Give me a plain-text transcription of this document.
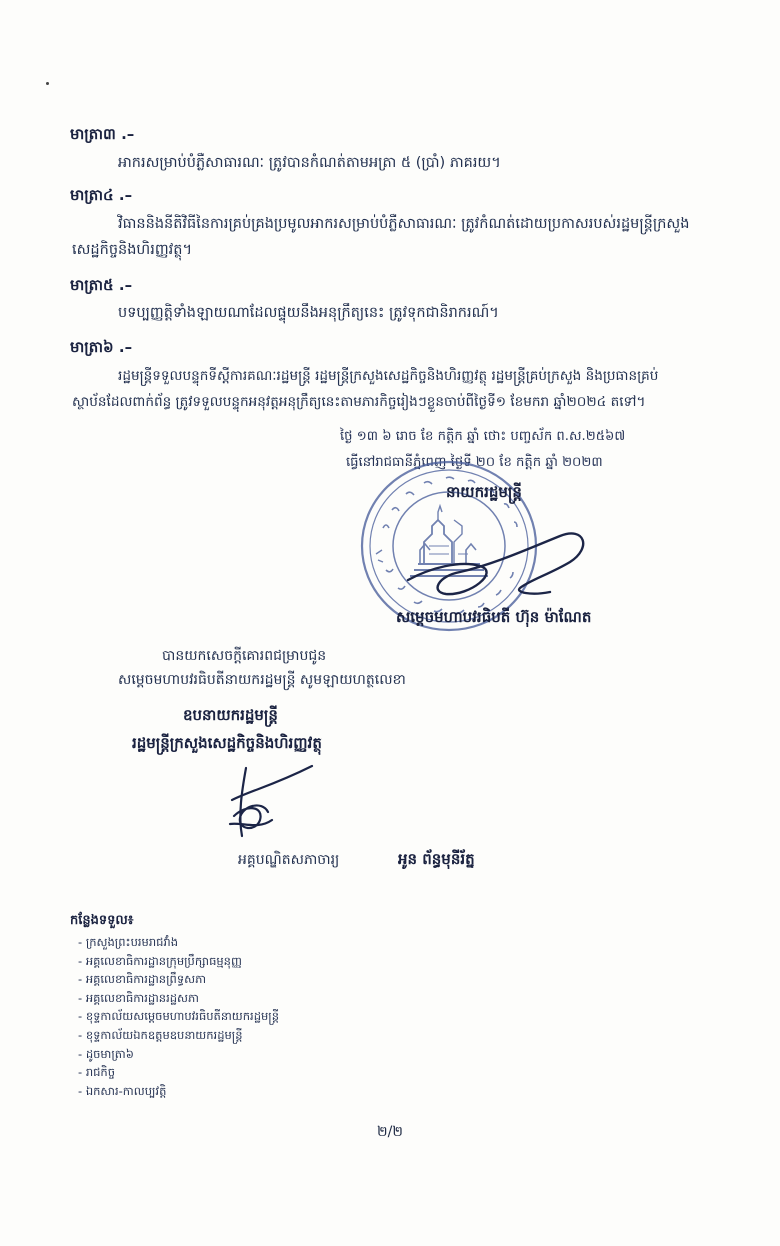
មាត្រា៣ .–
អាករសម្រាប់បំភ្លឺសាធារណៈ ត្រូវបានកំណត់តាមអត្រា ៥ (ប្រាំ) ភាគរយ។
មាត្រា៤ .–
វិធាននិងនីតិវិធីនៃការគ្រប់គ្រងប្រមូលអាករសម្រាប់បំភ្លឺសាធារណៈ ត្រូវកំណត់ដោយប្រកាសរបស់រដ្ឋមន្ត្រីក្រសួង
សេដ្ឋកិច្ចនិងហិរញ្ញវត្ថុ។
មាត្រា៥ .–
បទប្បញ្ញត្តិទាំងឡាយណាដែលផ្ទុយនឹងអនុក្រឹត្យនេះ ត្រូវទុកជានិរាករណ៍។
មាត្រា៦ .–
រដ្ឋមន្ត្រីទទួលបន្ទុកទីស្តីការគណៈរដ្ឋមន្ត្រី រដ្ឋមន្ត្រីក្រសួងសេដ្ឋកិច្ចនិងហិរញ្ញវត្ថុ រដ្ឋមន្ត្រីគ្រប់ក្រសួង និងប្រធានគ្រប់
ស្ថាប័នដែលពាក់ព័ន្ធ ត្រូវទទួលបន្ទុកអនុវត្តអនុក្រឹត្យនេះតាមភារកិច្ចរៀងៗខ្លួនចាប់ពីថ្ងៃទី១ ខែមករា ឆ្នាំ២០២៤ តទៅ។
ថ្ងៃ ១៣ ៦ រោច ខែ កត្តិក ឆ្នាំ ថោះ បញ្ចស័ក ព.ស.២៥៦៧
ធ្វើនៅរាជធានីភ្នំពេញ ថ្ងៃទី ២០ ខែ កត្ដិក ឆ្នាំ ២០២៣
នាយករដ្ឋមន្ត្រី
សម្តេចមហាបវរធិបតី ហ៊ុន ម៉ាណែត
បានយកសេចក្តីគោរពជម្រាបជូន
សម្តេចមហាបវរធិបតីនាយករដ្ឋមន្ត្រី សូមឡាយហត្ថលេខា
ឧបនាយករដ្ឋមន្ត្រី
រដ្ឋមន្ត្រីក្រសួងសេដ្ឋកិច្ចនិងហិរញ្ញវត្ថុ
អគ្គបណ្ឌិតសភាចារ្យ	អូន ព័ន្ធមុនីរ័ត្ន
កន្លែងទទួល៖
- ក្រសួងព្រះបរមរាជវាំង
- អគ្គលេខាធិការដ្ឋានក្រុមប្រឹក្សាធម្មនុញ្ញ
- អគ្គលេខាធិការដ្ឋានព្រឹទ្ធសភា
- អគ្គលេខាធិការដ្ឋានរដ្ឋសភា
- ខុទ្ទកាល័យសម្តេចមហាបវរធិបតីនាយករដ្ឋមន្ត្រី
- ខុទ្ទកាល័យឯកឧត្តមឧបនាយករដ្ឋមន្ត្រី
- ដូចមាត្រា៦
- រាជកិច្ច
- ឯកសារ-កាលប្បវត្តិ
២/២
